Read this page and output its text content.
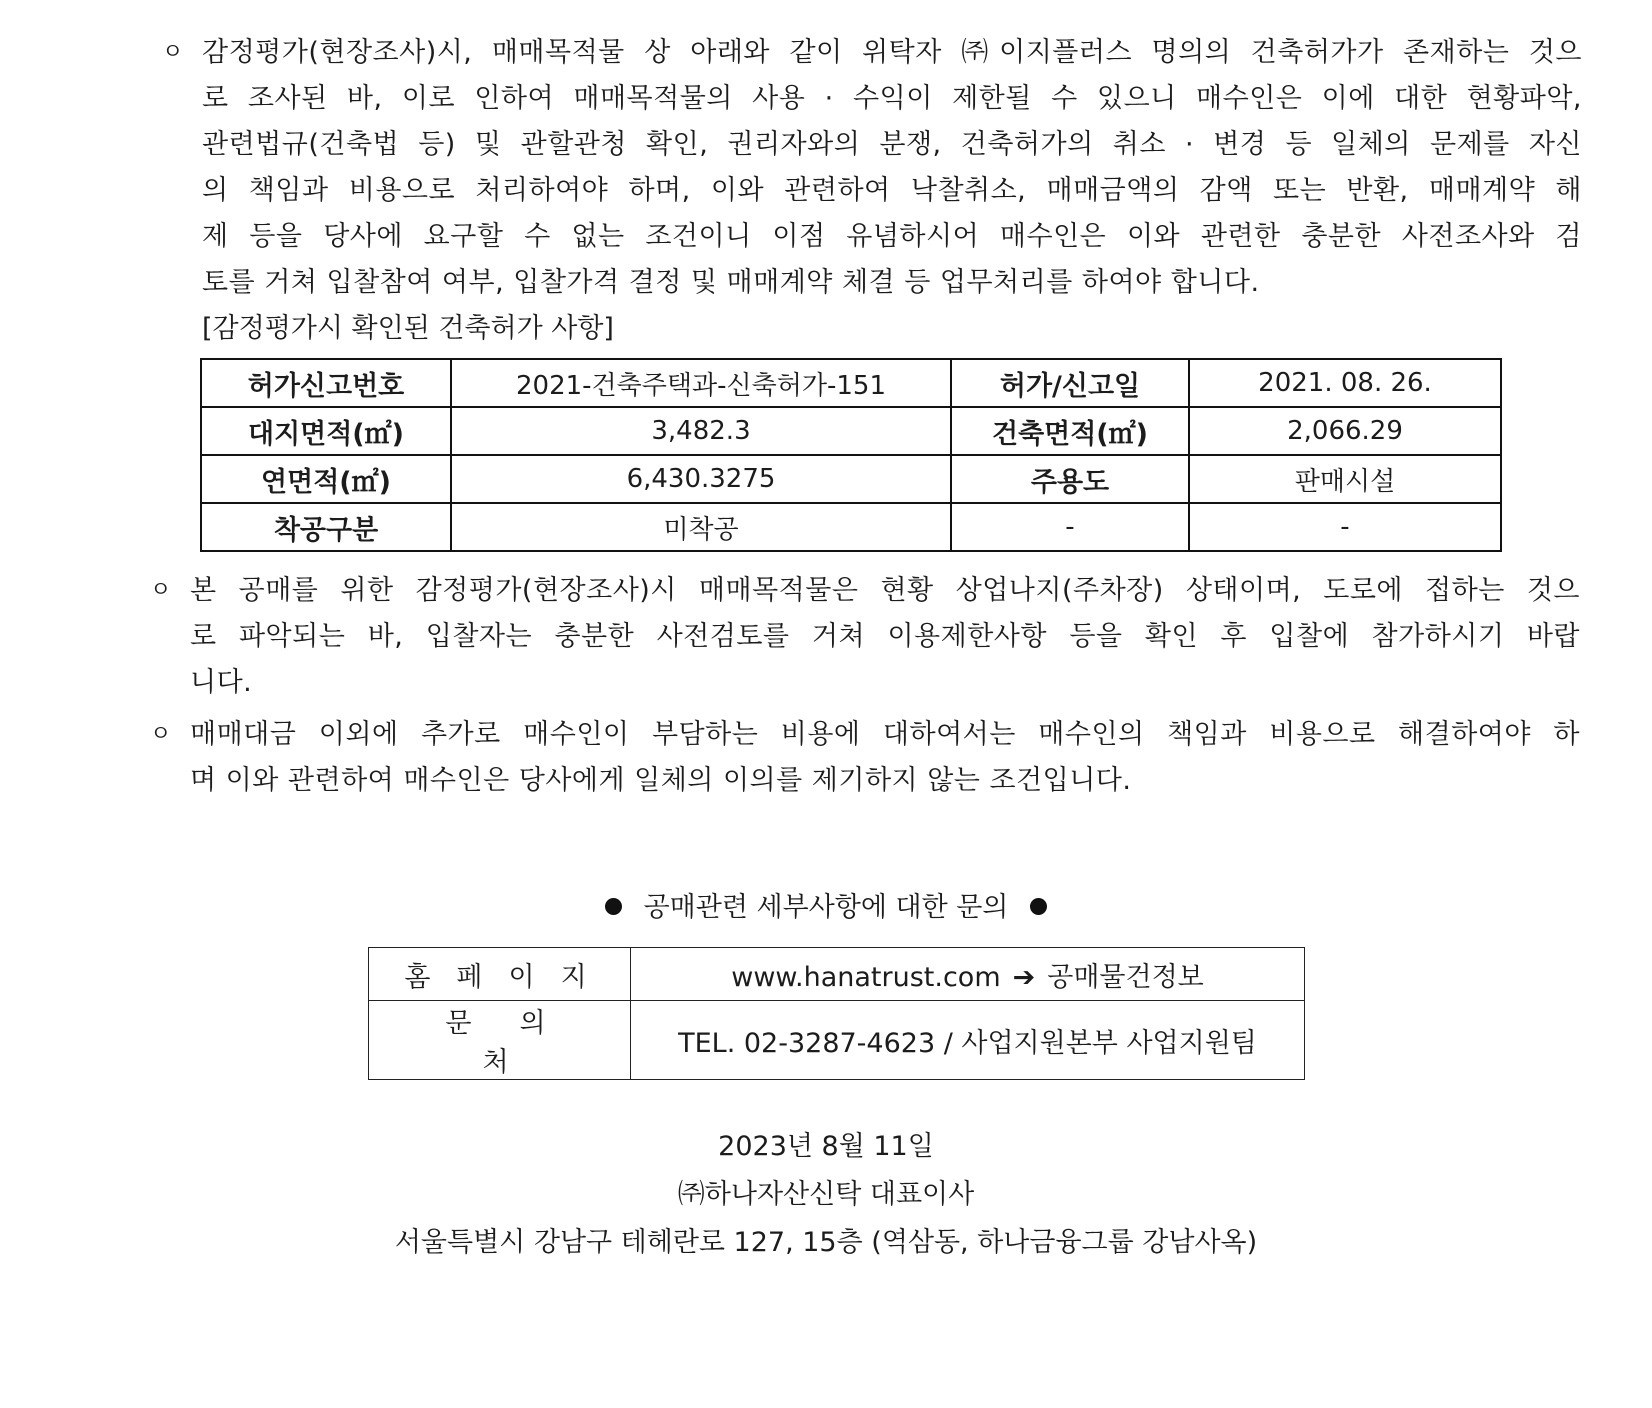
ㅇ 감정평가(현장조사)시, 매매목적물 상 아래와 같이 위탁자 ㈜이지플러스 명의의 건축허가가 존재하는 것으
로 조사된 바, 이로 인하여 매매목적물의 사용 · 수익이 제한될 수 있으니 매수인은 이에 대한 현황파악,
관련법규(건축법 등) 및 관할관청 확인, 권리자와의 분쟁, 건축허가의 취소 · 변경 등 일체의 문제를 자신
의 책임과 비용으로 처리하여야 하며, 이와 관련하여 낙찰취소, 매매금액의 감액 또는 반환, 매매계약 해
제 등을 당사에 요구할 수 없는 조건이니 이점 유념하시어 매수인은 이와 관련한 충분한 사전조사와 검
토를 거쳐 입찰참여 여부, 입찰가격 결정 및 매매계약 체결 등 업무처리를 하여야 합니다.
[감정평가시 확인된 건축허가 사항]
허가신고번호	2021-건축주택과-신축허가-151	허가/신고일	2021. 08. 26.
대지면적(㎡)	3,482.3	건축면적(㎡)	2,066.29
연면적(㎡)	6,430.3275	주용도	판매시설
착공구분	미착공	-	-
ㅇ 본 공매를 위한 감정평가(현장조사)시 매매목적물은 현황 상업나지(주차장) 상태이며, 도로에 접하는 것으
로 파악되는 바, 입찰자는 충분한 사전검토를 거쳐 이용제한사항 등을 확인 후 입찰에 참가하시기 바랍
니다.
ㅇ 매매대금 이외에 추가로 매수인이 부담하는 비용에 대하여서는 매수인의 책임과 비용으로 해결하여야 하
며 이와 관련하여 매수인은 당사에게 일체의 이의를 제기하지 않는 조건입니다.
공매관련 세부사항에 대한 문의
홈페이지	www.hanatrust.com ➔ 공매물건정보
문의처	TEL. 02-3287-4623 / 사업지원본부 사업지원팀
2023년 8월 11일
㈜하나자산신탁 대표이사
서울특별시 강남구 테헤란로 127, 15층 (역삼동, 하나금융그룹 강남사옥)
